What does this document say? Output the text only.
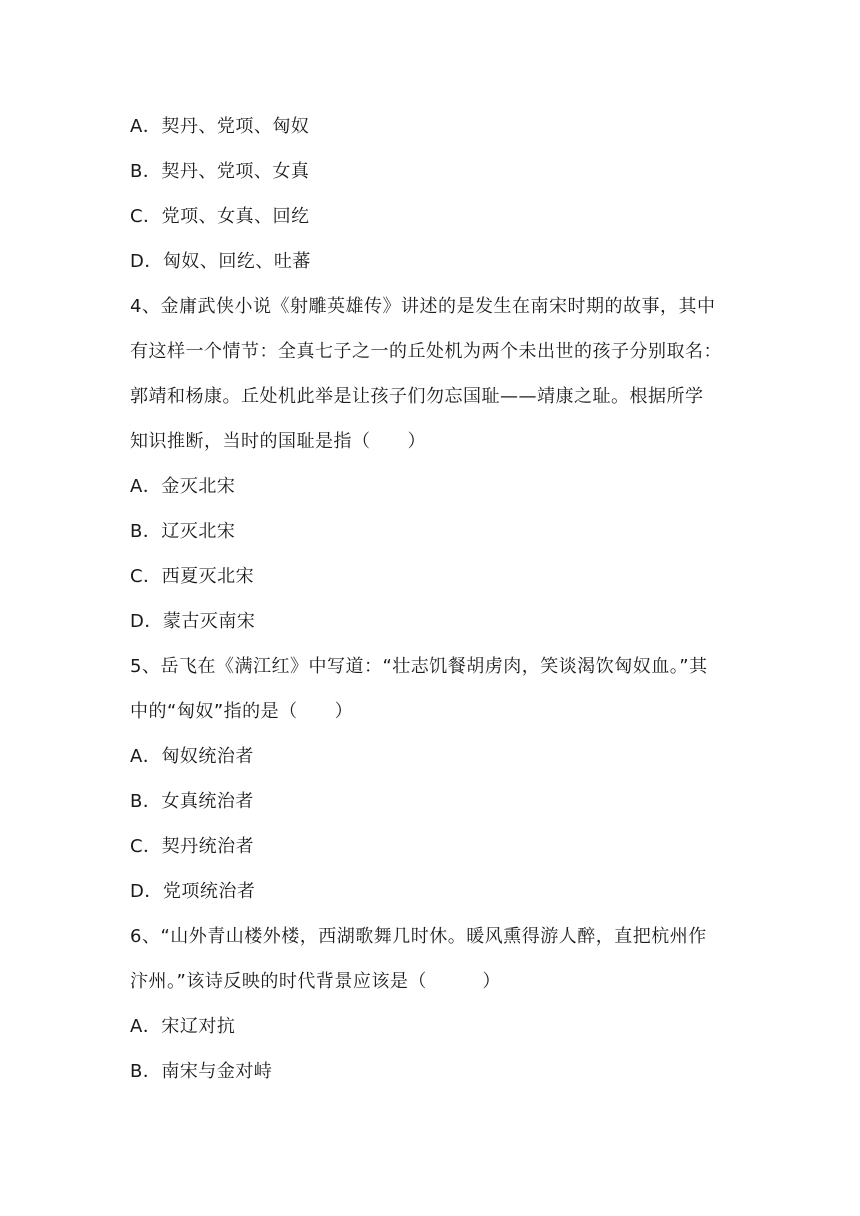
A．契丹、党项、匈奴
B．契丹、党项、女真
C．党项、女真、回纥
D．匈奴、回纥、吐蕃
4、金庸武侠小说《射雕英雄传》讲述的是发生在南宋时期的故事，其中
有这样一个情节：全真七子之一的丘处机为两个未出世的孩子分别取名：
郭靖和杨康。丘处机此举是让孩子们勿忘国耻——靖康之耻。根据所学
知识推断，当时的国耻是指（　　）
A．金灭北宋
B．辽灭北宋
C．西夏灭北宋
D．蒙古灭南宋
5、岳飞在《满江红》中写道：“壮志饥餐胡虏肉，笑谈渴饮匈奴血。”其
中的“匈奴”指的是（　　）
A．匈奴统治者
B．女真统治者
C．契丹统治者
D．党项统治者
6、“山外青山楼外楼，西湖歌舞几时休。暖风熏得游人醉，直把杭州作
汴州。”该诗反映的时代背景应该是（　　　）
A．宋辽对抗
B．南宋与金对峙
